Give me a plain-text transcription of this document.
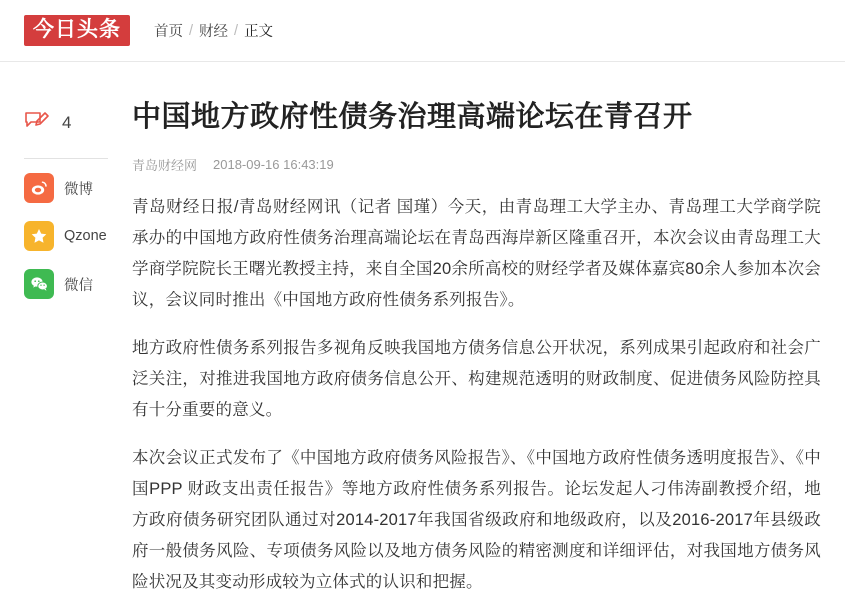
今日头条	首页 / 财经 / 正文
4
微博
Qzone
微信
中国地方政府性债务治理高端论坛在青召开
青岛财经网 2018-09-16 16:43:19

青岛财经日报/青岛财经网讯（记者 国瑾）今天，由青岛理工大学主办、青岛理工大学商学院承办的中国地方政府性债务治理高端论坛在青岛西海岸新区隆重召开，本次会议由青岛理工大学商学院院长王曙光教授主持，来自全国20余所高校的财经学者及媒体嘉宾80余人参加本次会议，会议同时推出《中国地方政府性债务系列报告》。

地方政府性债务系列报告多视角反映我国地方债务信息公开状况，系列成果引起政府和社会广泛关注，对推进我国地方政府债务信息公开、构建规范透明的财政制度、促进债务风险防控具有十分重要的意义。

本次会议正式发布了《中国地方政府债务风险报告》、《中国地方政府性债务透明度报告》、《中国PPP 财政支出责任报告》等地方政府性债务系列报告。论坛发起人刁伟涛副教授介绍，地方政府债务研究团队通过对2014-2017年我国省级政府和地级政府，以及2016-2017年县级政府一般债务风险、专项债务风险以及地方债务风险的精密测度和详细评估，对我国地方债务风险状况及其变动形成较为立体式的认识和把握。
